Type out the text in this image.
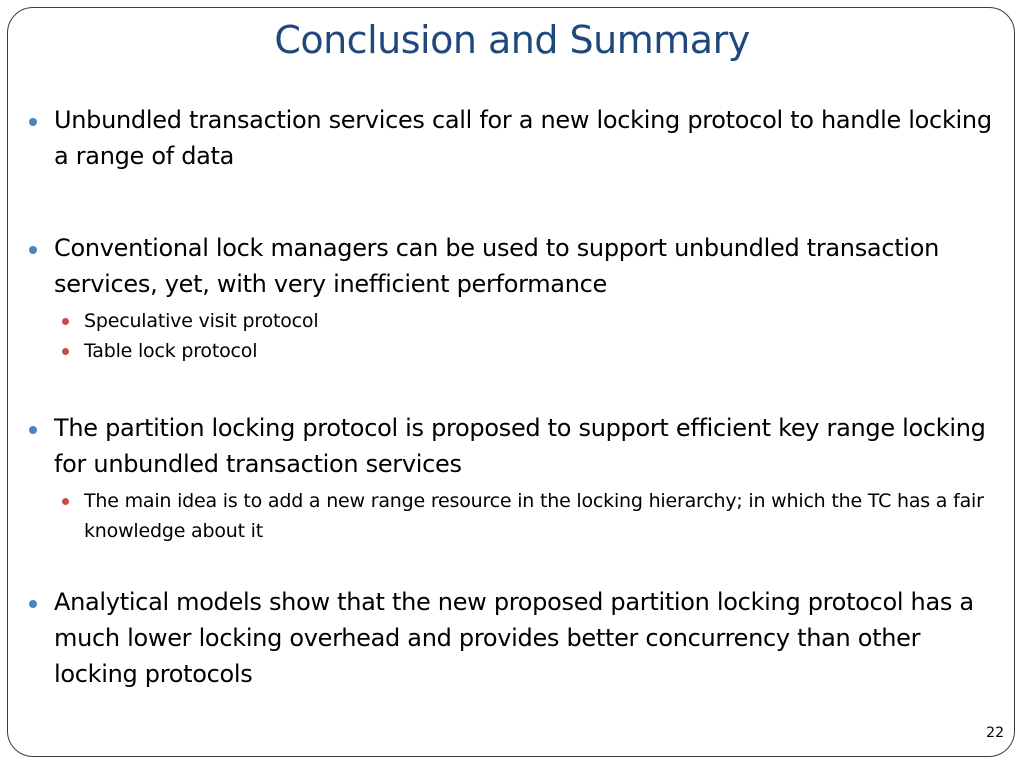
Conclusion and Summary
Unbundled transaction services call for a new locking protocol to handle locking a range of data
Conventional lock managers can be used to support unbundled transaction services, yet, with very inefficient performance
Speculative visit protocol
Table lock protocol
The partition locking protocol is proposed to support efficient key range locking for unbundled transaction services
The main idea is to add a new range resource in the locking hierarchy; in which the TC has a fair knowledge about it
Analytical models show that the new proposed partition locking protocol has a much lower locking overhead and provides better concurrency than other locking protocols
22
